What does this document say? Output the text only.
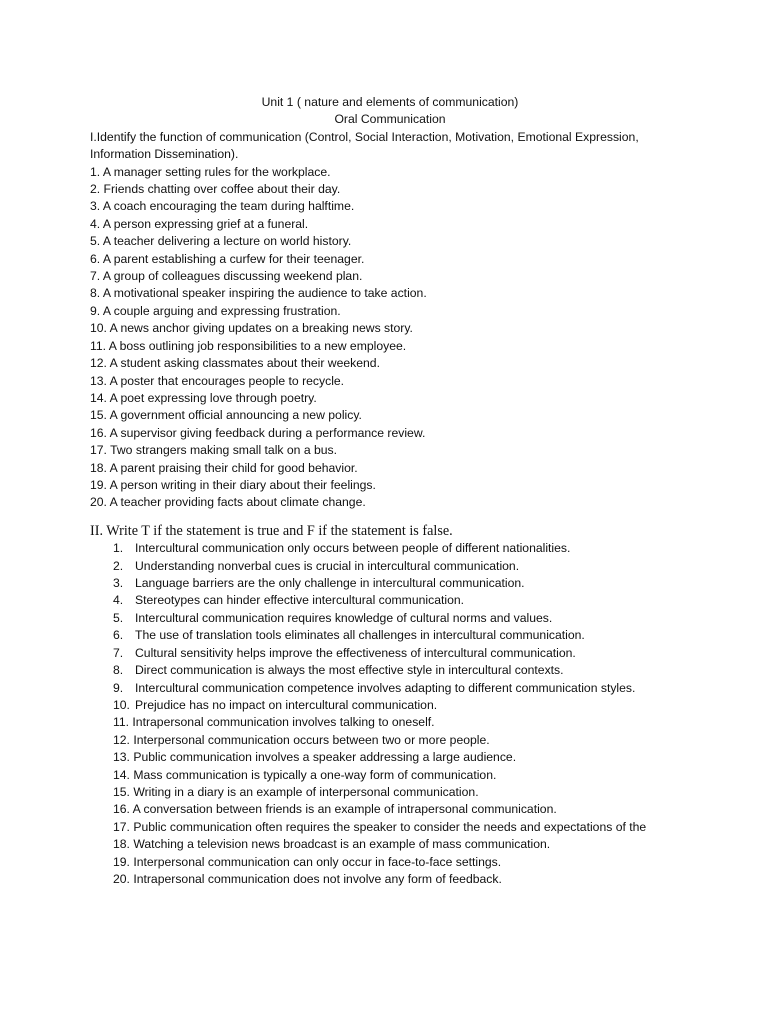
Unit 1 ( nature and elements of communication)
Oral Communication

I.Identify the function of communication (Control, Social Interaction, Motivation, Emotional Expression, Information Dissemination).

1. A manager setting rules for the workplace.
2. Friends chatting over coffee about their day.
3. A coach encouraging the team during halftime.
4. A person expressing grief at a funeral.
5. A teacher delivering a lecture on world history.
6. A parent establishing a curfew for their teenager.
7. A group of colleagues discussing weekend plan.
8. A motivational speaker inspiring the audience to take action.
9. A couple arguing and expressing frustration.
10. A news anchor giving updates on a breaking news story.
11. A boss outlining job responsibilities to a new employee.
12. A student asking classmates about their weekend.
13. A poster that encourages people to recycle.
14. A poet expressing love through poetry.
15. A government official announcing a new policy.
16. A supervisor giving feedback during a performance review.
17. Two strangers making small talk on a bus.
18. A parent praising their child for good behavior.
19. A person writing in their diary about their feelings.
20. A teacher providing facts about climate change.
II. Write T if the statement is true and F if the statement is false.
1. Intercultural communication only occurs between people of different nationalities.
2. Understanding nonverbal cues is crucial in intercultural communication.
3. Language barriers are the only challenge in intercultural communication.
4. Stereotypes can hinder effective intercultural communication.
5. Intercultural communication requires knowledge of cultural norms and values.
6. The use of translation tools eliminates all challenges in intercultural communication.
7. Cultural sensitivity helps improve the effectiveness of intercultural communication.
8. Direct communication is always the most effective style in intercultural contexts.
9. Intercultural communication competence involves adapting to different communication styles.
10. Prejudice has no impact on intercultural communication.
11. Intrapersonal communication involves talking to oneself.
12. Interpersonal communication occurs between two or more people.
13. Public communication involves a speaker addressing a large audience.
14. Mass communication is typically a one-way form of communication.
15. Writing in a diary is an example of interpersonal communication.
16. A conversation between friends is an example of intrapersonal communication.
17. Public communication often requires the speaker to consider the needs and expectations of the
18. Watching a television news broadcast is an example of mass communication.
19. Interpersonal communication can only occur in face-to-face settings.
20. Intrapersonal communication does not involve any form of feedback.
